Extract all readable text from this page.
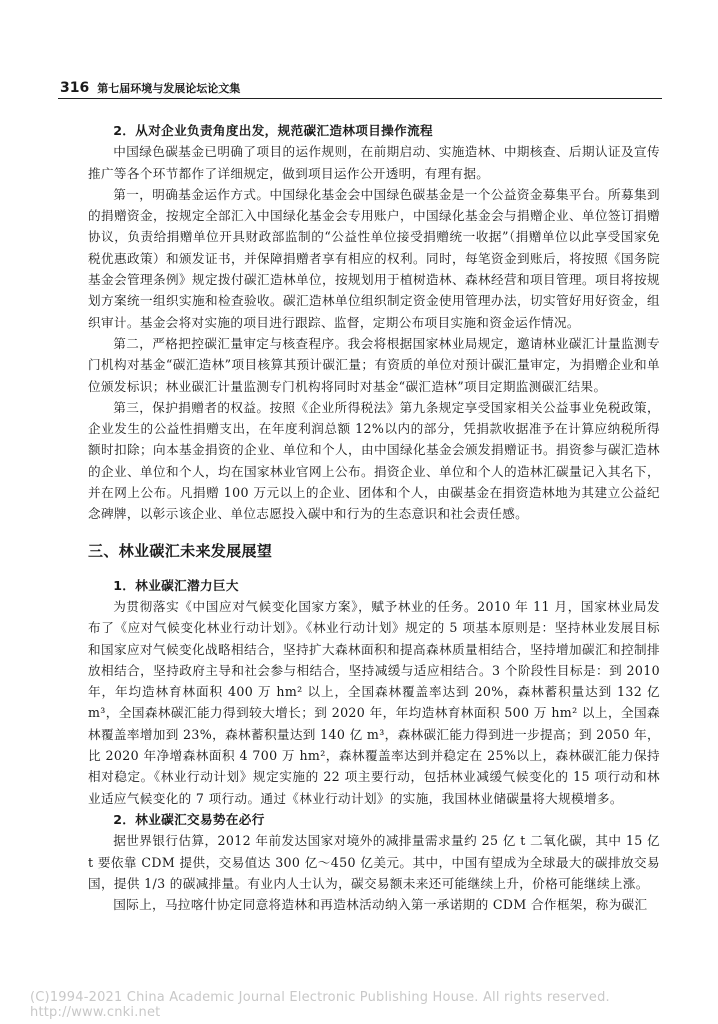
316 第七届环境与发展论坛论文集
2．从对企业负责角度出发，规范碳汇造林项目操作流程

中国绿色碳基金已明确了项目的运作规则，在前期启动、实施造林、中期核查、后期认证及宣传推广等各个环节都作了详细规定，做到项目运作公开透明，有理有据。

第一，明确基金运作方式。中国绿化基金会中国绿色碳基金是一个公益资金募集平台。所募集到的捐赠资金，按规定全部汇入中国绿化基金会专用账户，中国绿化基金会与捐赠企业、单位签订捐赠协议，负责给捐赠单位开具财政部监制的“公益性单位接受捐赠统一收据”（捐赠单位以此享受国家免税优惠政策）和颁发证书，并保障捐赠者享有相应的权利。同时，每笔资金到账后，将按照《国务院基金会管理条例》规定拨付碳汇造林单位，按规划用于植树造林、森林经营和项目管理。项目将按规划方案统一组织实施和检查验收。碳汇造林单位组织制定资金使用管理办法，切实管好用好资金，组织审计。基金会将对实施的项目进行跟踪、监督，定期公布项目实施和资金运作情况。

第二，严格把控碳汇量审定与核查程序。我会将根据国家林业局规定，邀请林业碳汇计量监测专门机构对基金“碳汇造林”项目核算其预计碳汇量；有资质的单位对预计碳汇量审定，为捐赠企业和单位颁发标识；林业碳汇计量监测专门机构将同时对基金“碳汇造林”项目定期监测碳汇结果。

第三，保护捐赠者的权益。按照《企业所得税法》第九条规定享受国家相关公益事业免税政策，企业发生的公益性捐赠支出，在年度利润总额 12%以内的部分，凭捐款收据准予在计算应纳税所得额时扣除；向本基金捐资的企业、单位和个人，由中国绿化基金会颁发捐赠证书。捐资参与碳汇造林的企业、单位和个人，均在国家林业官网上公布。捐资企业、单位和个人的造林汇碳量记入其名下，并在网上公布。凡捐赠 100 万元以上的企业、团体和个人，由碳基金在捐资造林地为其建立公益纪念碑牌，以彰示该企业、单位志愿投入碳中和行为的生态意识和社会责任感。

三、林业碳汇未来发展展望
1．林业碳汇潜力巨大

为贯彻落实《中国应对气候变化国家方案》，赋予林业的任务。2010 年 11 月，国家林业局发布了《应对气候变化林业行动计划》。《林业行动计划》规定的 5 项基本原则是：坚持林业发展目标和国家应对气候变化战略相结合，坚持扩大森林面积和提高森林质量相结合，坚持增加碳汇和控制排放相结合，坚持政府主导和社会参与相结合，坚持减缓与适应相结合。3 个阶段性目标是：到 2010 年，年均造林育林面积 400 万 hm² 以上，全国森林覆盖率达到 20%，森林蓄积量达到 132 亿 m³，全国森林碳汇能力得到较大增长；到 2020 年，年均造林育林面积 500 万 hm² 以上，全国森林覆盖率增加到 23%，森林蓄积量达到 140 亿 m³，森林碳汇能力得到进一步提高；到 2050 年，比 2020 年净增森林面积 4 700 万 hm²，森林覆盖率达到并稳定在 25%以上，森林碳汇能力保持相对稳定。《林业行动计划》规定实施的 22 项主要行动，包括林业减缓气候变化的 15 项行动和林业适应气候变化的 7 项行动。通过《林业行动计划》的实施，我国林业储碳量将大规模增多。

2．林业碳汇交易势在必行

据世界银行估算，2012 年前发达国家对境外的减排量需求量约 25 亿 t 二氧化碳，其中 15 亿 t 要依靠 CDM 提供，交易值达 300 亿～450 亿美元。其中，中国有望成为全球最大的碳排放交易国，提供 1/3 的碳减排量。有业内人士认为，碳交易额未来还可能继续上升，价格可能继续上涨。

国际上，马拉喀什协定同意将造林和再造林活动纳入第一承诺期的 CDM 合作框架，称为碳汇

(C)1994-2021 China Academic Journal Electronic Publishing House. All rights reserved. http://www.cnki.net
